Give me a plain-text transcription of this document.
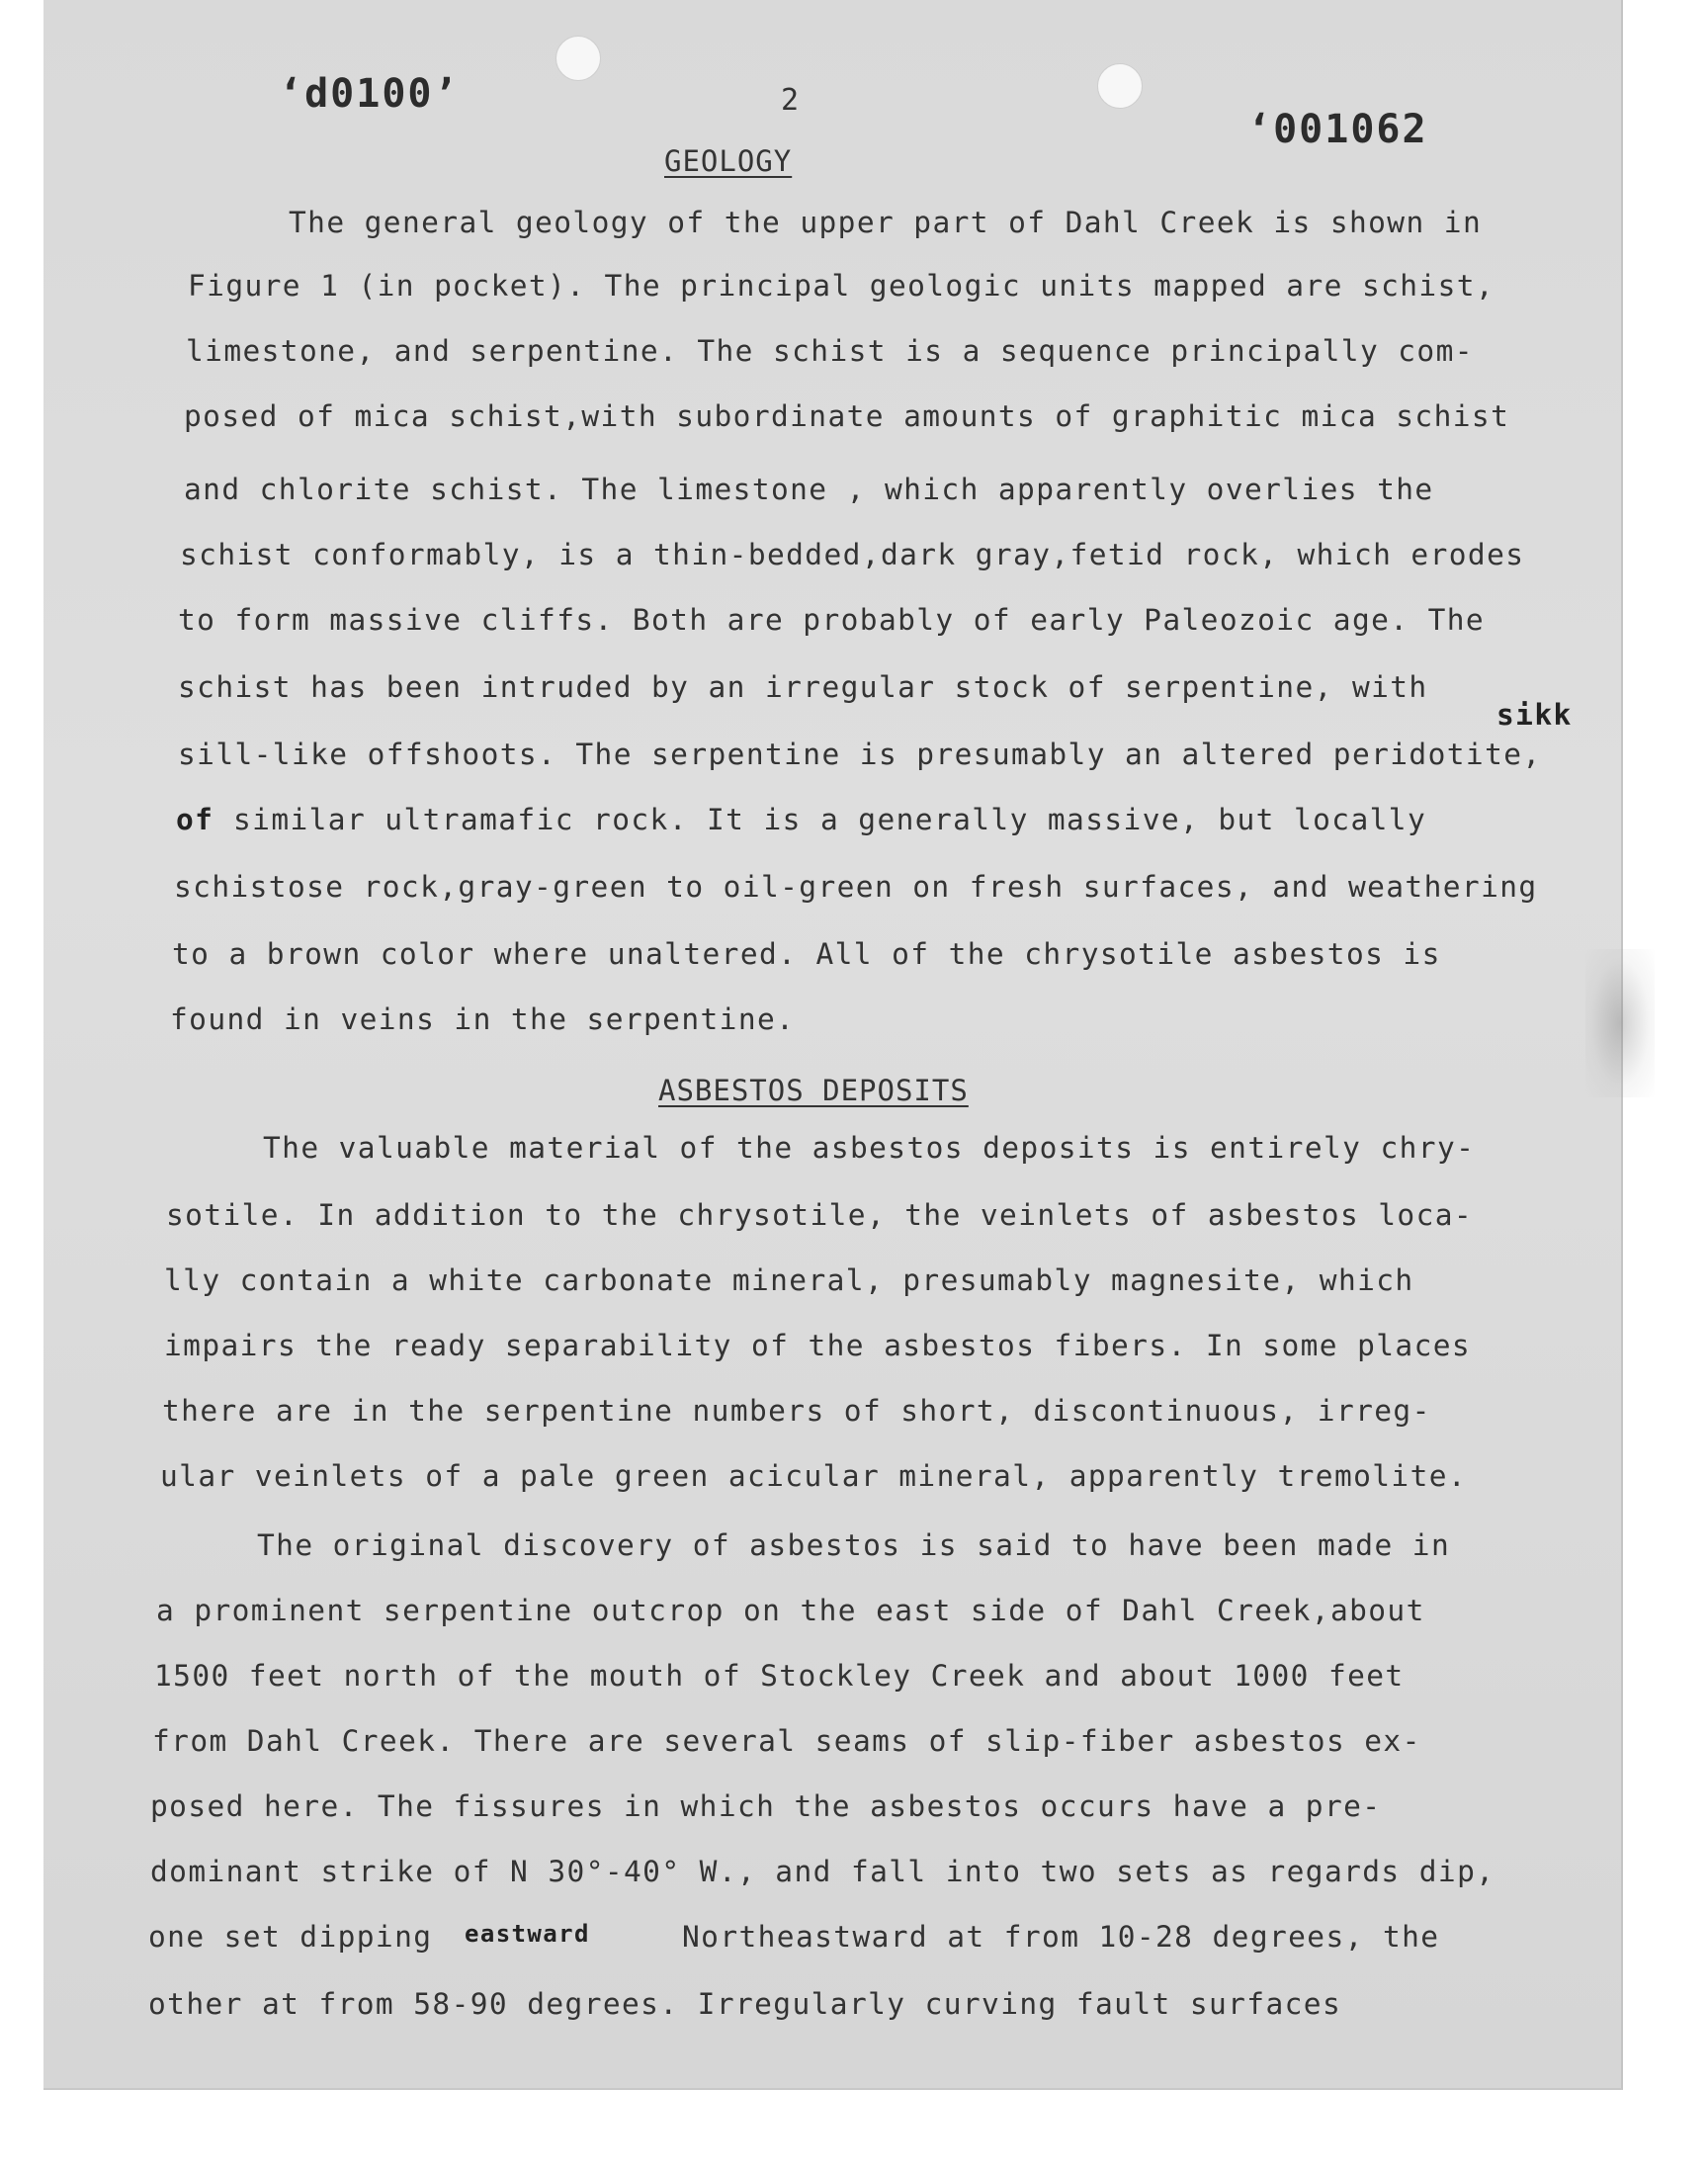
ʻd0100ʼ	2
ʻ001062
GEOLOGY
The general geology of the upper part of Dahl Creek is shown in
Figure 1 (in pocket). The principal geologic units mapped are schist,
limestone, and serpentine. The schist is a sequence principally com-
posed of mica schist,with subordinate amounts of graphitic mica schist
and chlorite schist. The limestone , which apparently overlies the
schist conformably, is a thin-bedded,dark gray,fetid rock, which erodes
to form massive cliffs. Both are probably of early Paleozoic age. The
schist has been intruded by an irregular stock of serpentine, with
sikk
sill-like offshoots. The serpentine is presumably an altered peridotite,
of similar ultramafic rock. It is a generally massive, but locally
schistose rock,gray-green to oil-green on fresh surfaces, and weathering
to a brown color where unaltered. All of the chrysotile asbestos is
found in veins in the serpentine.
ASBESTOS DEPOSITS
The valuable material of the asbestos deposits is entirely chry-
sotile. In addition to the chrysotile, the veinlets of asbestos loca-
lly contain a white carbonate mineral, presumably magnesite, which
impairs the ready separability of the asbestos fibers. In some places
there are in the serpentine numbers of short, discontinuous, irreg-
ular veinlets of a pale green acicular mineral, apparently tremolite.
The original discovery of asbestos is said to have been made in
a prominent serpentine outcrop on the east side of Dahl Creek,about
1500 feet north of the mouth of Stockley Creek and about 1000 feet
from Dahl Creek. There are several seams of slip-fiber asbestos ex-
posed here. The fissures in which the asbestos occurs have a pre-
dominant strike of N 30°-40° W., and fall into two sets as regards dip,
one set dipping eastward	Northeastward at from 10-28 degrees, the
other at from 58-90 degrees. Irregularly curving fault surfaces
